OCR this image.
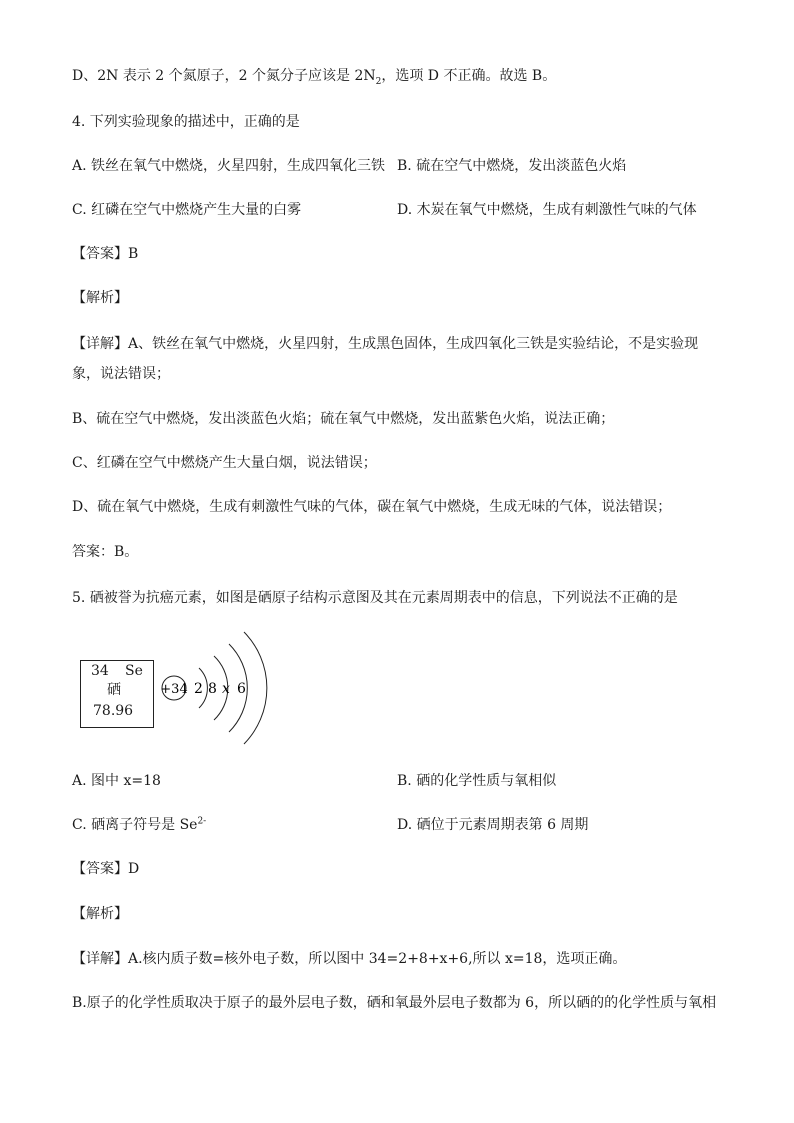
D、2N 表示 2 个氮原子，2 个氮分子应该是 $2N_2$，选项 D 不正确。故选 B。
4. 下列实验现象的描述中，正确的是
A. 铁丝在氧气中燃烧，火星四射，生成四氧化三铁 B. 硫在空气中燃烧，发出淡蓝色火焰
C. 红磷在空气中燃烧产生大量的白雾	D. 木炭在氧气中燃烧，生成有刺激性气味的气体
【答案】B
【解析】
【详解】A、铁丝在氧气中燃烧，火星四射，生成黑色固体，生成四氧化三铁是实验结论，不是实验现
象，说法错误；
B、硫在空气中燃烧，发出淡蓝色火焰；硫在氧气中燃烧，发出蓝紫色火焰，说法正确；
C、红磷在空气中燃烧产生大量白烟，说法错误；
D、硫在氧气中燃烧，生成有刺激性气味的气体，碳在氧气中燃烧，生成无味的气体，说法错误；
答案：B。
5. 硒被誉为抗癌元素，如图是硒原子结构示意图及其在元素周期表中的信息，下列说法不正确的是
34 Se
硒
78.96
+34 2 8 x 6
A. 图中 x=18	B. 硒的化学性质与氧相似
C. 硒离子符号是 $Se^{2-}$	D. 硒位于元素周期表第 6 周期
【答案】D
【解析】
【详解】A.核内质子数=核外电子数，所以图中 34=2+8+x+6,所以 x=18，选项正确。
B.原子的化学性质取决于原子的最外层电子数，硒和氧最外层电子数都为 6，所以硒的的化学性质与氧相
